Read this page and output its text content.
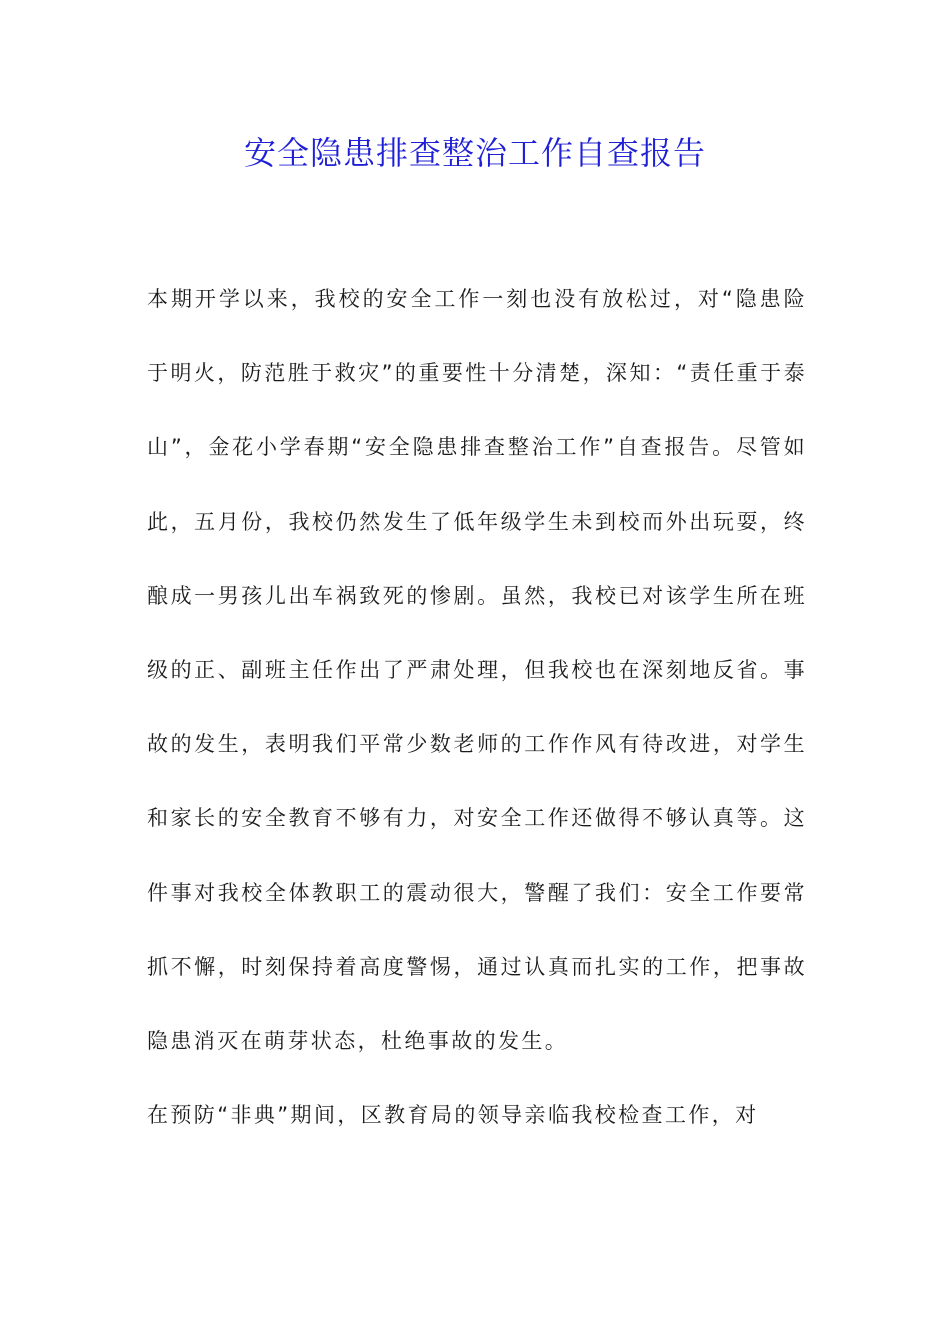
安全隐患排查整治工作自查报告

本期开学以来，我校的安全工作一刻也没有放松过，对“隐患险于明火，防范胜于救灾”的重要性十分清楚，深知：“责任重于泰山”，金花小学春期“安全隐患排查整治工作”自查报告。尽管如此，五月份，我校仍然发生了低年级学生未到校而外出玩耍，终酿成一男孩儿出车祸致死的惨剧。虽然，我校已对该学生所在班级的正、副班主任作出了严肃处理，但我校也在深刻地反省。事故的发生，表明我们平常少数老师的工作作风有待改进，对学生和家长的安全教育不够有力，对安全工作还做得不够认真等。这件事对我校全体教职工的震动很大，警醒了我们：安全工作要常抓不懈，时刻保持着高度警惕，通过认真而扎实的工作，把事故隐患消灭在萌芽状态，杜绝事故的发生。

在预防“非典”期间，区教育局的领导亲临我校检查工作，对
